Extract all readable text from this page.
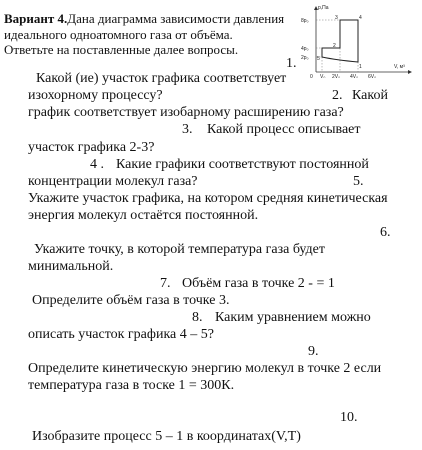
Вариант 4.Дана диаграмма зависимости давления
идеального одноатомного газа от объёма.
Ответьте на поставленные далее вопросы.
p,Па
V, м³
0
8p₀
4p₀
2p₀
V₀ 2V₀ 4V₀ 6V₀
1
2
3	4
5
1.
Какой (ие) участок графика соответствует
изохорному процессу?	2. Какой
график соответствует изобарному расширению газа?
3. Какой процесс описывает
участок графика 2-3?
4 . Какие графики соответствуют постоянной
концентрации молекул газа?	5.
Укажите участок графика, на котором средняя кинетическая
энергия молекул остаётся постоянной.
6.
Укажите точку, в которой температура газа будет
минимальной.
7. Объём газа в точке 2 - = 1
Определите объём газа в точке 3.
8. Каким уравнением можно
описать участок графика 4 – 5?
9.
Определите кинетическую энергию молекул в точке 2 если
температура газа в тоске 1 = 300К.
10.
Изобразите процесс 5 – 1 в координатах(V,T)
